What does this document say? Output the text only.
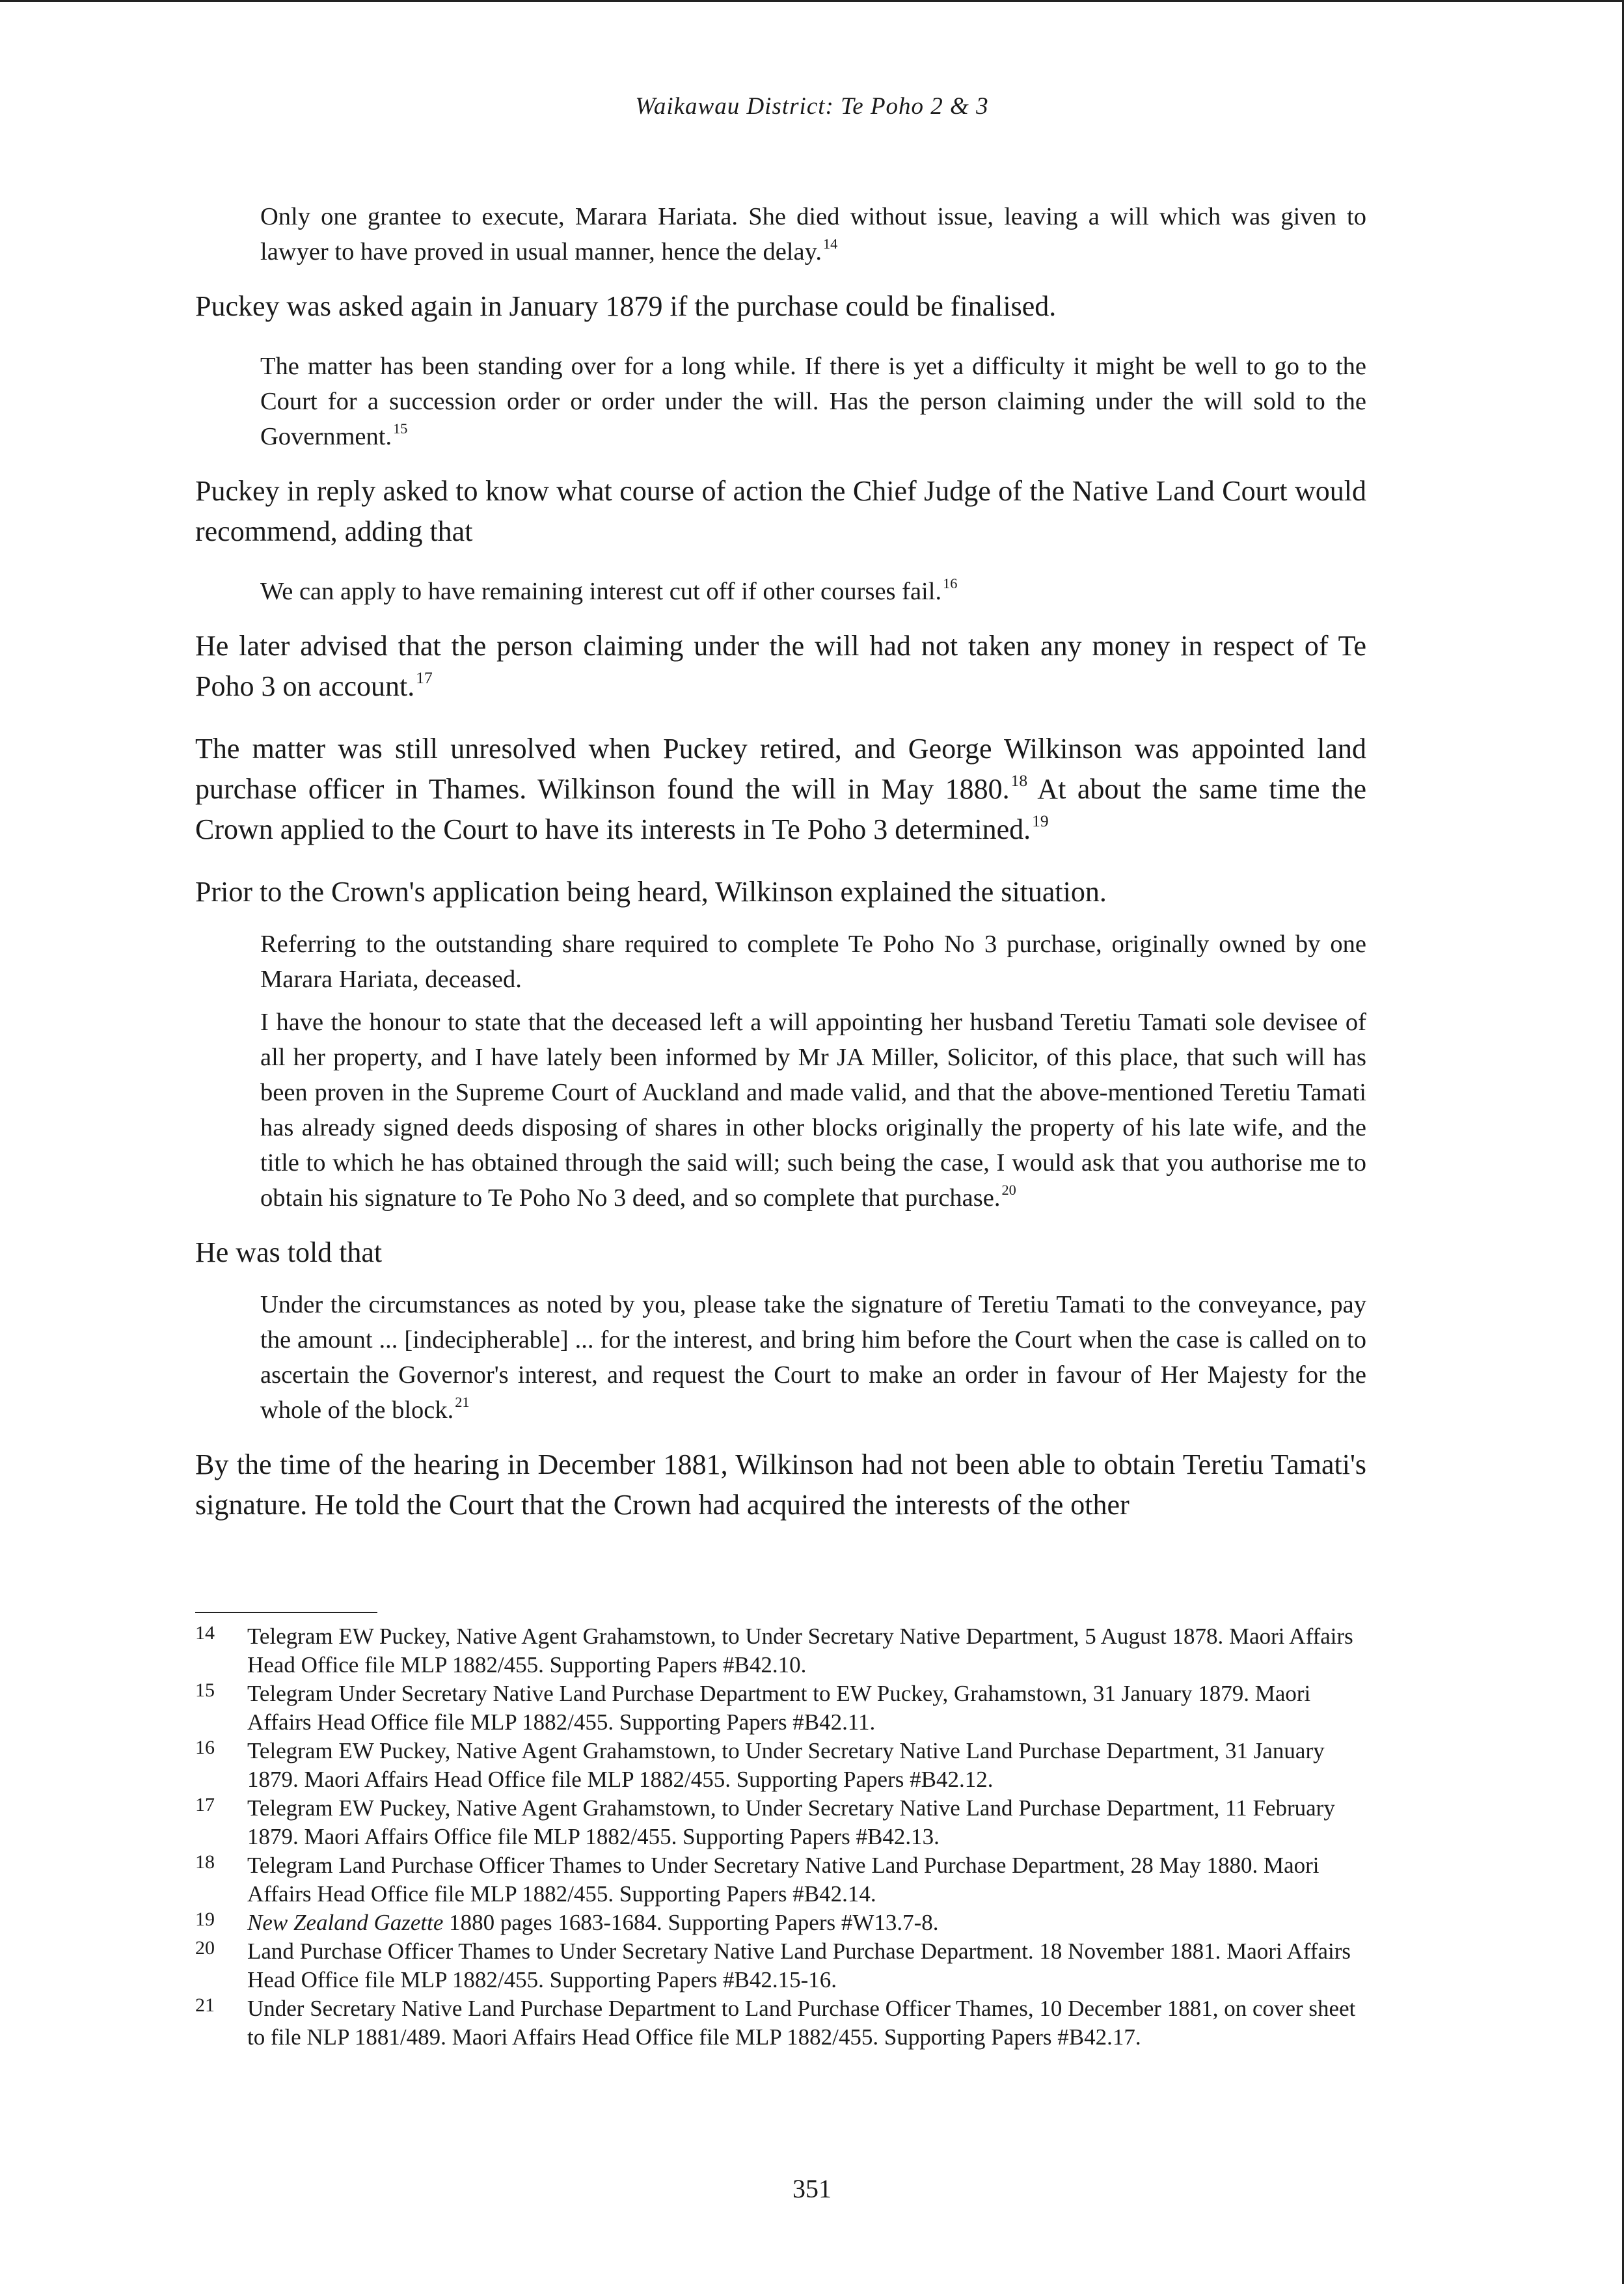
Waikawau District: Te Poho 2 & 3

Only one grantee to execute, Marara Hariata. She died without issue, leaving a will which was given to lawyer to have proved in usual manner, hence the delay.$^{14}$

Puckey was asked again in January 1879 if the purchase could be finalised.

The matter has been standing over for a long while. If there is yet a difficulty it might be well to go to the Court for a succession order or order under the will. Has the person claiming under the will sold to the Government.$^{15}$

Puckey in reply asked to know what course of action the Chief Judge of the Native Land Court would recommend, adding that

We can apply to have remaining interest cut off if other courses fail.$^{16}$

He later advised that the person claiming under the will had not taken any money in respect of Te Poho 3 on account.$^{17}$

The matter was still unresolved when Puckey retired, and George Wilkinson was appointed land purchase officer in Thames. Wilkinson found the will in May 1880.18 At about the same time the Crown applied to the Court to have its interests in Te Poho 3 determined.$^{19}$

Prior to the Crown's application being heard, Wilkinson explained the situation.

Referring to the outstanding share required to complete Te Poho No 3 purchase, originally owned by one Marara Hariata, deceased.

I have the honour to state that the deceased left a will appointing her husband Teretiu Tamati sole devisee of all her property, and I have lately been informed by Mr JA Miller, Solicitor, of this place, that such will has been proven in the Supreme Court of Auckland and made valid, and that the above-mentioned Teretiu Tamati has already signed deeds disposing of shares in other blocks originally the property of his late wife, and the title to which he has obtained through the said will; such being the case, I would ask that you authorise me to obtain his signature to Te Poho No 3 deed, and so complete that purchase.$^{20}$

He was told that

Under the circumstances as noted by you, please take the signature of Teretiu Tamati to the conveyance, pay the amount ... [indecipherable] ... for the interest, and bring him before the Court when the case is called on to ascertain the Governor's interest, and request the Court to make an order in favour of Her Majesty for the whole of the block.$^{21}$

By the time of the hearing in December 1881, Wilkinson had not been able to obtain Teretiu Tamati's signature. He told the Court that the Crown had acquired the interests of the other

14	Telegram EW Puckey, Native Agent Grahamstown, to Under Secretary Native Department, 5 August 1878. Maori Affairs Head Office file MLP 1882/455. Supporting Papers #B42.10.
15	Telegram Under Secretary Native Land Purchase Department to EW Puckey, Grahamstown, 31 January 1879. Maori Affairs Head Office file MLP 1882/455. Supporting Papers #B42.11.
16	Telegram EW Puckey, Native Agent Grahamstown, to Under Secretary Native Land Purchase Department, 31 January 1879. Maori Affairs Head Office file MLP 1882/455. Supporting Papers #B42.12.
17	Telegram EW Puckey, Native Agent Grahamstown, to Under Secretary Native Land Purchase Department, 11 February 1879. Maori Affairs Office file MLP 1882/455. Supporting Papers #B42.13.
18	Telegram Land Purchase Officer Thames to Under Secretary Native Land Purchase Department, 28 May 1880. Maori Affairs Head Office file MLP 1882/455. Supporting Papers #B42.14.
19	New Zealand Gazette 1880 pages 1683-1684. Supporting Papers #W13.7-8.
20	Land Purchase Officer Thames to Under Secretary Native Land Purchase Department. 18 November 1881. Maori Affairs Head Office file MLP 1882/455. Supporting Papers #B42.15-16.
21	Under Secretary Native Land Purchase Department to Land Purchase Officer Thames, 10 December 1881, on cover sheet to file NLP 1881/489. Maori Affairs Head Office file MLP 1882/455. Supporting Papers #B42.17.
351
